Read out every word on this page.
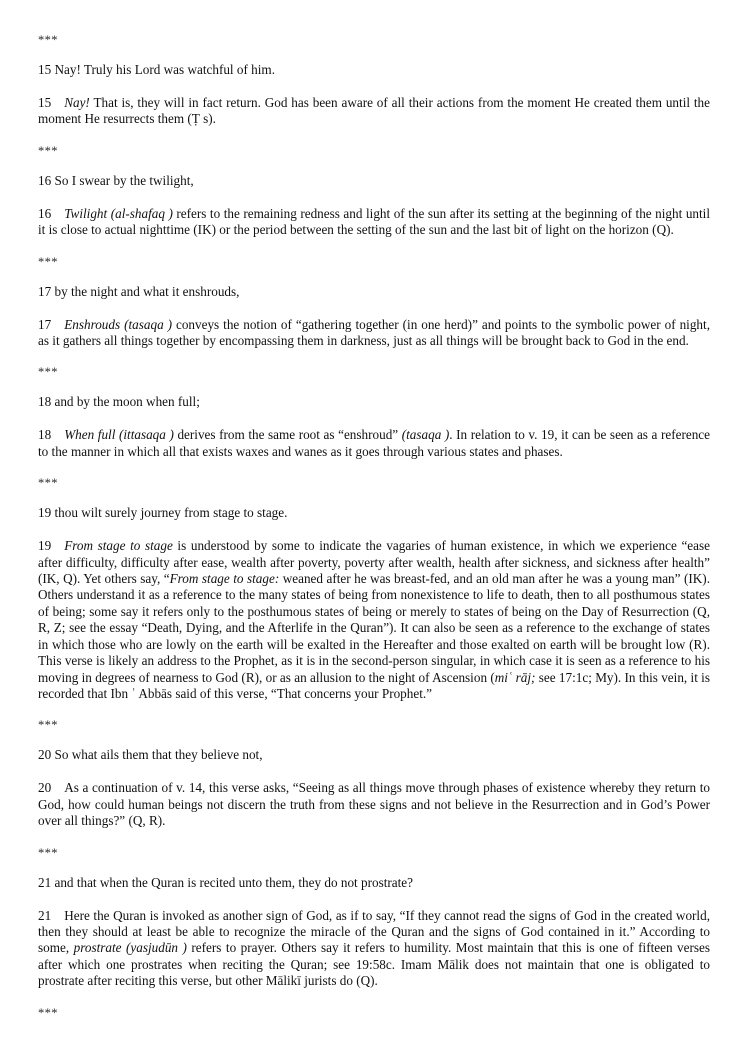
***

15 Nay! Truly his Lord was watchful of him.

15 Nay! That is, they will in fact return. God has been aware of all their actions from the moment He created them until the moment He resurrects them (Ṭ s).

***

16 So I swear by the twilight,

16 Twilight (al-shafaq ) refers to the remaining redness and light of the sun after its setting at the beginning of the night until it is close to actual nighttime (IK) or the period between the setting of the sun and the last bit of light on the horizon (Q).

***

17 by the night and what it enshrouds,

17 Enshrouds (tasaqa ) conveys the notion of “gathering together (in one herd)” and points to the symbolic power of night, as it gathers all things together by encompassing them in darkness, just as all things will be brought back to God in the end.

***

18 and by the moon when full;

18 When full (ittasaqa ) derives from the same root as “enshroud” (tasaqa ). In relation to v. 19, it can be seen as a reference to the manner in which all that exists waxes and wanes as it goes through various states and phases.

***

19 thou wilt surely journey from stage to stage.

19 From stage to stage is understood by some to indicate the vagaries of human existence, in which we experience “ease after difficulty, difficulty after ease, wealth after poverty, poverty after wealth, health after sickness, and sickness after health” (IK, Q). Yet others say, “From stage to stage: weaned after he was breast-fed, and an old man after he was a young man” (IK). Others understand it as a reference to the many states of being from nonexistence to life to death, then to all posthumous states of being; some say it refers only to the posthumous states of being or merely to states of being on the Day of Resurrection (Q, R, Z; see the essay “Death, Dying, and the Afterlife in the Quran”). It can also be seen as a reference to the exchange of states in which those who are lowly on the earth will be exalted in the Hereafter and those exalted on earth will be brought low (R). This verse is likely an address to the Prophet, as it is in the second-person singular, in which case it is seen as a reference to his moving in degrees of nearness to God (R), or as an allusion to the night of Ascension (miʿ rāj; see 17:1c; My). In this vein, it is recorded that Ibn ʿ Abbās said of this verse, “That concerns your Prophet.”

***

20 So what ails them that they believe not,

20 As a continuation of v. 14, this verse asks, “Seeing as all things move through phases of existence whereby they return to God, how could human beings not discern the truth from these signs and not believe in the Resurrection and in God’s Power over all things?” (Q, R).

***

21 and that when the Quran is recited unto them, they do not prostrate?

21 Here the Quran is invoked as another sign of God, as if to say, “If they cannot read the signs of God in the created world, then they should at least be able to recognize the miracle of the Quran and the signs of God contained in it.” According to some, prostrate (yasjudūn ) refers to prayer. Others say it refers to humility. Most maintain that this is one of fifteen verses after which one prostrates when reciting the Quran; see 19:58c. Imam Mālik does not maintain that one is obligated to prostrate after reciting this verse, but other Mālikī jurists do (Q).

***
